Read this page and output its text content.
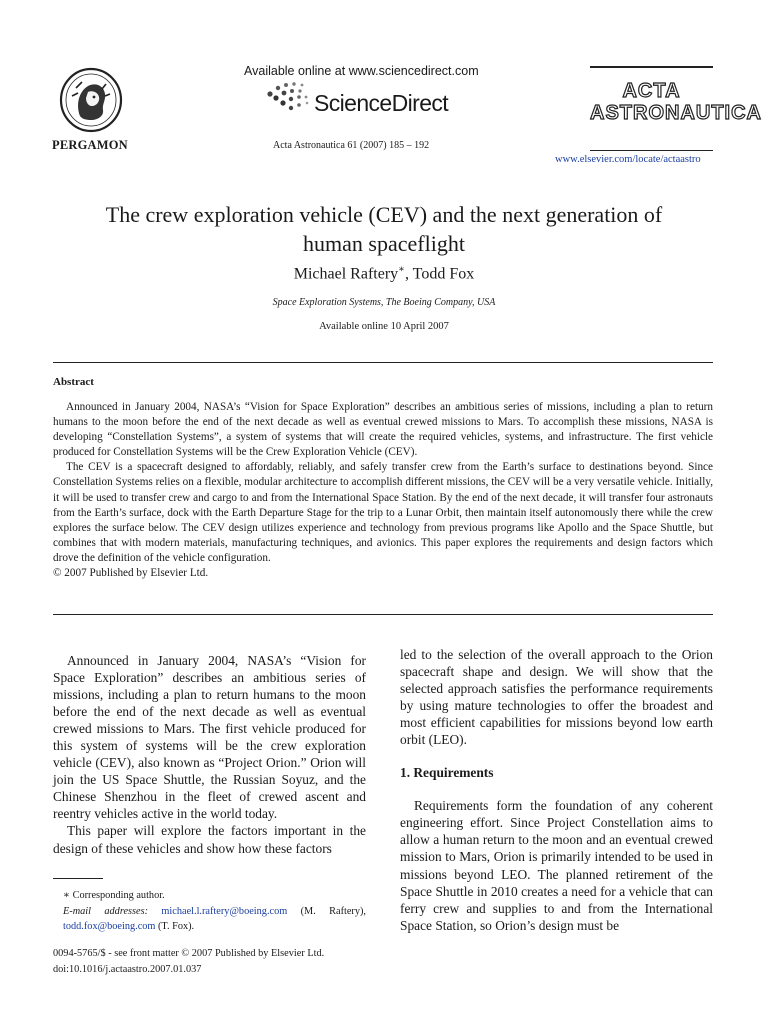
PERGAMON
Available online at www.sciencedirect.com
ScienceDirect
Acta Astronautica 61 (2007) 185 – 192
ACTA
ASTRONAUTICA
www.elsevier.com/locate/actaastro
The crew exploration vehicle (CEV) and the next generation of
human spaceflight
Michael Raftery∗, Todd Fox
Space Exploration Systems, The Boeing Company, USA
Available online 10 April 2007
Abstract

Announced in January 2004, NASA’s “Vision for Space Exploration” describes an ambitious series of missions, including a plan to return humans to the moon before the end of the next decade as well as eventual crewed missions to Mars. To accomplish these missions, NASA is developing “Constellation Systems”, a system of systems that will create the required vehicles, systems, and infrastructure. The first vehicle produced for Constellation Systems will be the Crew Exploration Vehicle (CEV).

The CEV is a spacecraft designed to affordably, reliably, and safely transfer crew from the Earth’s surface to destinations beyond. Since Constellation Systems relies on a flexible, modular architecture to accomplish different missions, the CEV will be a very versatile vehicle. Initially, it will be used to transfer crew and cargo to and from the International Space Station. By the end of the next decade, it will transfer four astronauts from the Earth’s surface, dock with the Earth Departure Stage for the trip to a Lunar Orbit, then maintain itself autonomously there while the crew explores the surface below. The CEV design utilizes experience and technology from previous programs like Apollo and the Space Shuttle, but combines that with modern materials, manufacturing techniques, and avionics. This paper explores the requirements and design factors which drove the definition of the vehicle configuration.

© 2007 Published by Elsevier Ltd.

Announced in January 2004, NASA’s “Vision for Space Exploration” describes an ambitious series of missions, including a plan to return humans to the moon before the end of the next decade as well as eventual crewed missions to Mars. The first vehicle produced for this system of systems will be the crew exploration vehicle (CEV), also known as “Project Orion.” Orion will join the US Space Shuttle, the Russian Soyuz, and the Chinese Shenzhou in the fleet of crewed ascent and reentry vehicles active in the world today.

This paper will explore the factors important in the design of these vehicles and show how these factors

∗ Corresponding author.
E-mail addresses: michael.l.raftery@boeing.com (M. Raftery), todd.fox@boeing.com (T. Fox).
0094-5765/$ - see front matter © 2007 Published by Elsevier Ltd.
doi:10.1016/j.actaastro.2007.01.037

led to the selection of the overall approach to the Orion spacecraft shape and design. We will show that the selected approach satisfies the performance requirements by using mature technologies to offer the broadest and most efficient capabilities for missions beyond low earth orbit (LEO).

1. Requirements

Requirements form the foundation of any coherent engineering effort. Since Project Constellation aims to allow a human return to the moon and an eventual crewed mission to Mars, Orion is primarily intended to be used in missions beyond LEO. The planned retirement of the Space Shuttle in 2010 creates a need for a vehicle that can ferry crew and supplies to and from the International Space Station, so Orion’s design must be
